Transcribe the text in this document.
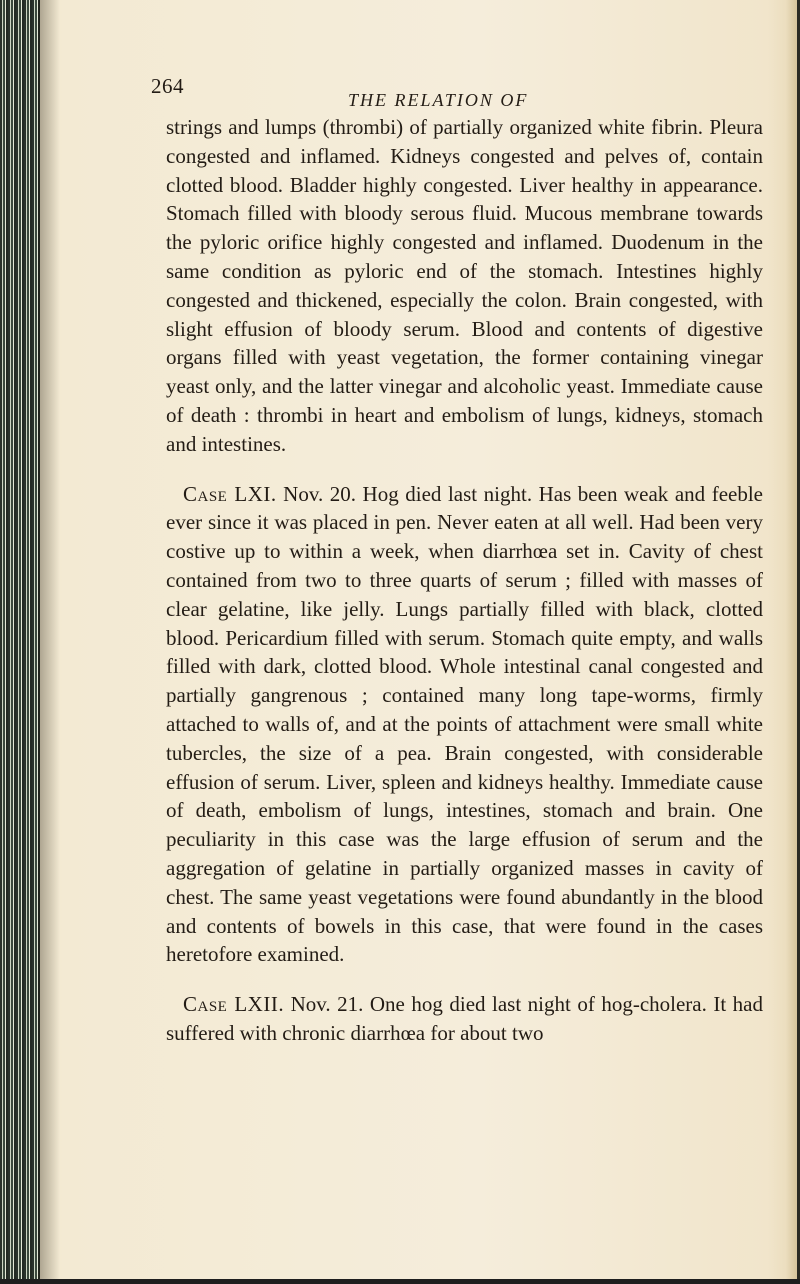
264
THE RELATION OF

strings and lumps (thrombi) of partially organized white fibrin. Pleura congested and inflamed. Kidneys congested and pelves of, contain clotted blood. Bladder highly congested. Liver healthy in appearance. Stomach filled with bloody serous fluid. Mucous membrane towards the pyloric orifice highly congested and inflamed. Duodenum in the same condition as pyloric end of the stomach. Intestines highly congested and thickened, especially the colon. Brain congested, with slight effusion of bloody serum. Blood and contents of digestive organs filled with yeast vegetation, the former containing vinegar yeast only, and the latter vinegar and alcoholic yeast. Immediate cause of death : thrombi in heart and embolism of lungs, kidneys, stomach and intestines.

Case LXI. Nov. 20. Hog died last night. Has been weak and feeble ever since it was placed in pen. Never eaten at all well. Had been very costive up to within a week, when diarrhœa set in. Cavity of chest contained from two to three quarts of serum ; filled with masses of clear gelatine, like jelly. Lungs partially filled with black, clotted blood. Pericardium filled with serum. Stomach quite empty, and walls filled with dark, clotted blood. Whole intestinal canal congested and partially gangrenous ; contained many long tape-worms, firmly attached to walls of, and at the points of attachment were small white tubercles, the size of a pea. Brain congested, with considerable effusion of serum. Liver, spleen and kidneys healthy. Immediate cause of death, embolism of lungs, intestines, stomach and brain. One peculiarity in this case was the large effusion of serum and the aggregation of gelatine in partially organized masses in cavity of chest. The same yeast vegetations were found abundantly in the blood and contents of bowels in this case, that were found in the cases heretofore examined.

Case LXII. Nov. 21. One hog died last night of hog-cholera. It had suffered with chronic diarrhœa for about two
